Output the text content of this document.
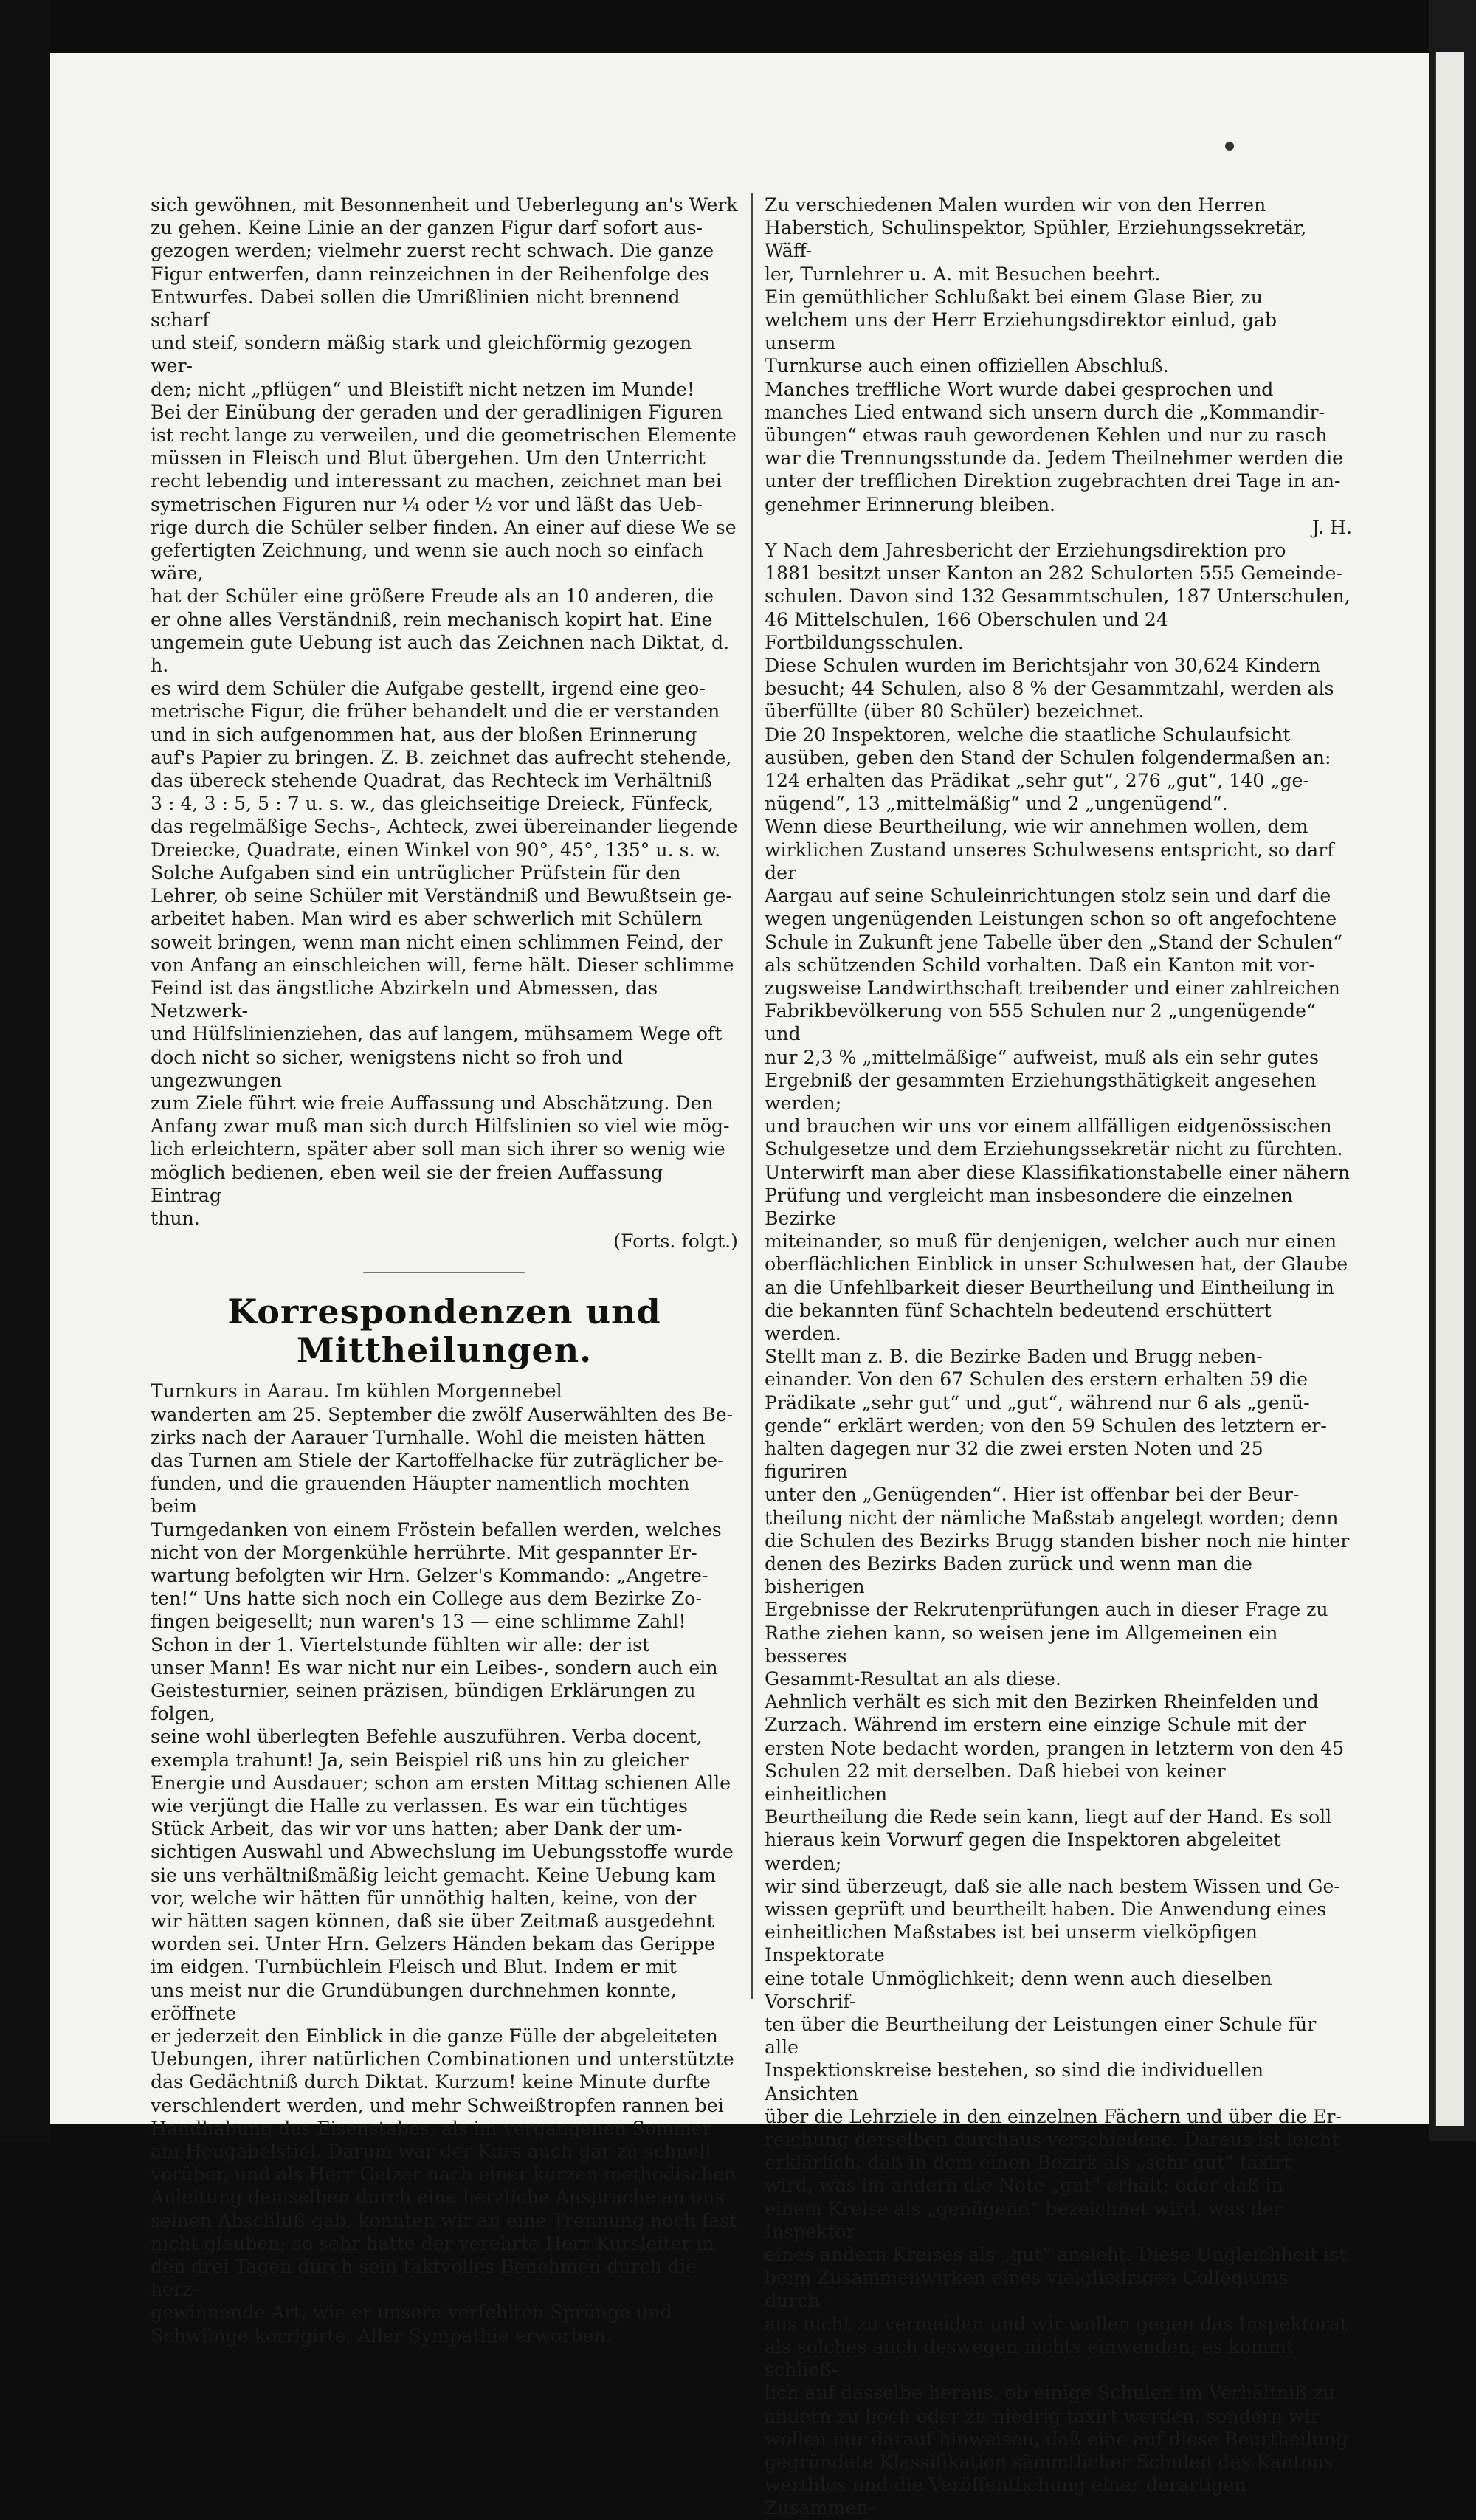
sich gewöhnen, mit Besonnenheit und Ueberlegung an's Werk
zu gehen. Keine Linie an der ganzen Figur darf sofort aus-
gezogen werden; vielmehr zuerst recht schwach. Die ganze
Figur entwerfen, dann reinzeichnen in der Reihenfolge des
Entwurfes. Dabei sollen die Umrißlinien nicht brennend scharf
und steif, sondern mäßig stark und gleichförmig gezogen wer-
den; nicht „pflügen“ und Bleistift nicht netzen im Munde!
Bei der Einübung der geraden und der geradlinigen Figuren
ist recht lange zu verweilen, und die geometrischen Elemente
müssen in Fleisch und Blut übergehen. Um den Unterricht
recht lebendig und interessant zu machen, zeichnet man bei
symetrischen Figuren nur ¼ oder ½ vor und läßt das Ueb-
rige durch die Schüler selber finden. An einer auf diese We se
gefertigten Zeichnung, und wenn sie auch noch so einfach wäre,
hat der Schüler eine größere Freude als an 10 anderen, die
er ohne alles Verständniß, rein mechanisch kopirt hat. Eine
ungemein gute Uebung ist auch das Zeichnen nach Diktat, d. h.
es wird dem Schüler die Aufgabe gestellt, irgend eine geo-
metrische Figur, die früher behandelt und die er verstanden
und in sich aufgenommen hat, aus der bloßen Erinnerung
auf's Papier zu bringen. Z. B. zeichnet das aufrecht stehende,
das übereck stehende Quadrat, das Rechteck im Verhältniß
3 : 4, 3 : 5, 5 : 7 u. s. w., das gleichseitige Dreieck, Fünfeck,
das regelmäßige Sechs-, Achteck, zwei übereinander liegende
Dreiecke, Quadrate, einen Winkel von 90°, 45°, 135° u. s. w.
Solche Aufgaben sind ein untrüglicher Prüfstein für den
Lehrer, ob seine Schüler mit Verständniß und Bewußtsein ge-
arbeitet haben. Man wird es aber schwerlich mit Schülern
soweit bringen, wenn man nicht einen schlimmen Feind, der
von Anfang an einschleichen will, ferne hält. Dieser schlimme
Feind ist das ängstliche Abzirkeln und Abmessen, das Netzwerk-
und Hülfslinienziehen, das auf langem, mühsamem Wege oft
doch nicht so sicher, wenigstens nicht so froh und ungezwungen
zum Ziele führt wie freie Auffassung und Abschätzung. Den
Anfang zwar muß man sich durch Hilfslinien so viel wie mög-
lich erleichtern, später aber soll man sich ihrer so wenig wie
möglich bedienen, eben weil sie der freien Auffassung Eintrag
thun.

(Forts. folgt.)

Korrespondenzen und Mittheilungen.

Turnkurs in Aarau. Im kühlen Morgennebel
wanderten am 25. September die zwölf Auserwählten des Be-
zirks nach der Aarauer Turnhalle. Wohl die meisten hätten
das Turnen am Stiele der Kartoffelhacke für zuträglicher be-
funden, und die grauenden Häupter namentlich mochten beim
Turngedanken von einem Fröstein befallen werden, welches
nicht von der Morgenkühle herrührte. Mit gespannter Er-
wartung befolgten wir Hrn. Gelzer's Kommando: „Angetre-
ten!“ Uns hatte sich noch ein College aus dem Bezirke Zo-
fingen beigesellt; nun waren's 13 — eine schlimme Zahl!

Schon in der 1. Viertelstunde fühlten wir alle: der ist
unser Mann! Es war nicht nur ein Leibes-, sondern auch ein
Geistesturnier, seinen präzisen, bündigen Erklärungen zu folgen,
seine wohl überlegten Befehle auszuführen. Verba docent,
exempla trahunt! Ja, sein Beispiel riß uns hin zu gleicher
Energie und Ausdauer; schon am ersten Mittag schienen Alle
wie verjüngt die Halle zu verlassen. Es war ein tüchtiges
Stück Arbeit, das wir vor uns hatten; aber Dank der um-
sichtigen Auswahl und Abwechslung im Uebungsstoffe wurde
sie uns verhältnißmäßig leicht gemacht. Keine Uebung kam
vor, welche wir hätten für unnöthig halten, keine, von der
wir hätten sagen können, daß sie über Zeitmaß ausgedehnt
worden sei. Unter Hrn. Gelzers Händen bekam das Gerippe
im eidgen. Turnbüchlein Fleisch und Blut. Indem er mit
uns meist nur die Grundübungen durchnehmen konnte, eröffnete
er jederzeit den Einblick in die ganze Fülle der abgeleiteten
Uebungen, ihrer natürlichen Combinationen und unterstützte
das Gedächtniß durch Diktat. Kurzum! keine Minute durfte
verschlendert werden, und mehr Schweißtropfen rannen bei
Handhabung des Eisenstabes, als im vergangenen Sommer
am Heugabelstiel. Darum war der Kurs auch gar zu schnell
vorüber, und als Herr Gelzer nach einer kurzen methodischen
Anleitung demselben durch eine herzliche Ansprache an uns
seinen Abschluß gab, konnten wir an eine Trennung noch fast
nicht glauben; so sehr hatte der verehrte Herr Kursleiter in
den drei Tagen durch sein taktvolles Benehmen durch die herz-
gewinnende Art, wie er unsere verfehlten Sprünge und
Schwünge korrigirte, Aller Sympathie erworben.

Zu verschiedenen Malen wurden wir von den Herren
Haberstich, Schulinspektor, Spühler, Erziehungssekretär, Wäff-
ler, Turnlehrer u. A. mit Besuchen beehrt.

Ein gemüthlicher Schlußakt bei einem Glase Bier, zu
welchem uns der Herr Erziehungsdirektor einlud, gab unserm
Turnkurse auch einen offiziellen Abschluß.

Manches treffliche Wort wurde dabei gesprochen und
manches Lied entwand sich unsern durch die „Kommandir-
übungen“ etwas rauh gewordenen Kehlen und nur zu rasch
war die Trennungsstunde da. Jedem Theilnehmer werden die
unter der trefflichen Direktion zugebrachten drei Tage in an-
genehmer Erinnerung bleiben.

J. H.

Y Nach dem Jahresbericht der Erziehungsdirektion pro
1881 besitzt unser Kanton an 282 Schulorten 555 Gemeinde-
schulen. Davon sind 132 Gesammtschulen, 187 Unterschulen,
46 Mittelschulen, 166 Oberschulen und 24 Fortbildungsschulen.
Diese Schulen wurden im Berichtsjahr von 30,624 Kindern
besucht; 44 Schulen, also 8 % der Gesammtzahl, werden als
überfüllte (über 80 Schüler) bezeichnet.

Die 20 Inspektoren, welche die staatliche Schulaufsicht
ausüben, geben den Stand der Schulen folgendermaßen an:
124 erhalten das Prädikat „sehr gut“, 276 „gut“, 140 „ge-
nügend“, 13 „mittelmäßig“ und 2 „ungenügend“.

Wenn diese Beurtheilung, wie wir annehmen wollen, dem
wirklichen Zustand unseres Schulwesens entspricht, so darf der
Aargau auf seine Schuleinrichtungen stolz sein und darf die
wegen ungenügenden Leistungen schon so oft angefochtene
Schule in Zukunft jene Tabelle über den „Stand der Schulen“
als schützenden Schild vorhalten. Daß ein Kanton mit vor-
zugsweise Landwirthschaft treibender und einer zahlreichen
Fabrikbevölkerung von 555 Schulen nur 2 „ungenügende“ und
nur 2,3 % „mittelmäßige“ aufweist, muß als ein sehr gutes
Ergebniß der gesammten Erziehungsthätigkeit angesehen werden;
und brauchen wir uns vor einem allfälligen eidgenössischen
Schulgesetze und dem Erziehungssekretär nicht zu fürchten.

Unterwirft man aber diese Klassifikationstabelle einer nähern
Prüfung und vergleicht man insbesondere die einzelnen Bezirke
miteinander, so muß für denjenigen, welcher auch nur einen
oberflächlichen Einblick in unser Schulwesen hat, der Glaube
an die Unfehlbarkeit dieser Beurtheilung und Eintheilung in
die bekannten fünf Schachteln bedeutend erschüttert werden.

Stellt man z. B. die Bezirke Baden und Brugg neben-
einander. Von den 67 Schulen des erstern erhalten 59 die
Prädikate „sehr gut“ und „gut“, während nur 6 als „genü-
gende“ erklärt werden; von den 59 Schulen des letztern er-
halten dagegen nur 32 die zwei ersten Noten und 25 figuriren
unter den „Genügenden“. Hier ist offenbar bei der Beur-
theilung nicht der nämliche Maßstab angelegt worden; denn
die Schulen des Bezirks Brugg standen bisher noch nie hinter
denen des Bezirks Baden zurück und wenn man die bisherigen
Ergebnisse der Rekrutenprüfungen auch in dieser Frage zu
Rathe ziehen kann, so weisen jene im Allgemeinen ein besseres
Gesammt-Resultat an als diese.

Aehnlich verhält es sich mit den Bezirken Rheinfelden und
Zurzach. Während im erstern eine einzige Schule mit der
ersten Note bedacht worden, prangen in letzterm von den 45
Schulen 22 mit derselben. Daß hiebei von keiner einheitlichen
Beurtheilung die Rede sein kann, liegt auf der Hand. Es soll
hieraus kein Vorwurf gegen die Inspektoren abgeleitet werden;
wir sind überzeugt, daß sie alle nach bestem Wissen und Ge-
wissen geprüft und beurtheilt haben. Die Anwendung eines
einheitlichen Maßstabes ist bei unserm vielköpfigen Inspektorate
eine totale Unmöglichkeit; denn wenn auch dieselben Vorschrif-
ten über die Beurtheilung der Leistungen einer Schule für alle
Inspektionskreise bestehen, so sind die individuellen Ansichten
über die Lehrziele in den einzelnen Fächern und über die Er-
reichung derselben durchaus verschiedene. Daraus ist leicht
erklärlich, daß in dem einen Bezirk als „sehr gut“ taxirt
wird, was im andern die Note „gut“ erhält; oder daß in
einem Kreise als „genügend“ bezeichnet wird, was der Inspektor
eines andern Kreises als „gut“ ansieht. Diese Ungleichheit ist
beim Zusammenwirken eines vielgliedrigen Collegiums durch-
aus nicht zu vermeiden und wir wollen gegen das Inspektorat
als solches auch deswegen nichts einwenden; es kommt schließ-
lich auf dasselbe heraus, ob einige Schulen im Verhältniß zu
andern zu hoch oder zu niedrig taxirt werden, sondern wir
wollen nur darauf hinweisen, daß eine auf diese Beurtheilung
gegründete Klassifikation sämmtlicher Schulen des Kantons
werthlos und die Veröffentlichung einer derartigen Zusammen-
